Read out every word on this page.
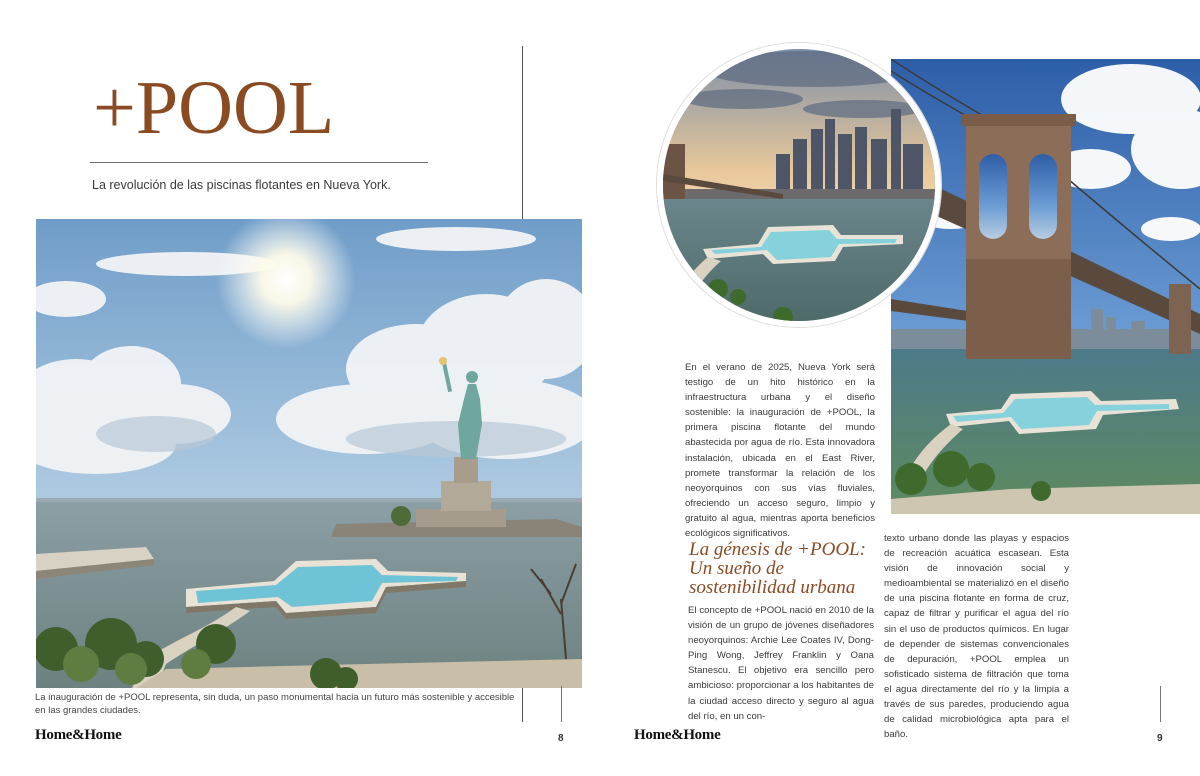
+POOL
La revolución de las piscinas flotantes en Nueva York.
La inauguración de +POOL representa, sin duda, un paso monumental hacia un futuro más sostenible y accesible en las grandes ciudades.
Home&Home	8
En el verano de 2025, Nueva York será testigo de un hito histórico en la infraestructura urbana y el diseño sostenible: la inauguración de +POOL, la primera piscina flotante del mundo abastecida por agua de río. Esta innovadora instalación, ubicada en el East River, promete transformar la relación de los neoyorquinos con sus vías fluviales, ofreciendo un acceso seguro, limpio y gratuito al agua, mientras aporta beneficios ecológicos significativos.
La génesis de +POOL: Un sueño de sostenibilidad urbana
El concepto de +POOL nació en 2010 de la visión de un grupo de jóvenes diseñadores neoyorquinos: Archie Lee Coates IV, Dong-Ping Wong, Jeffrey Franklin y Oana Stanescu. El objetivo era sencillo pero ambicioso: proporcionar a los habitantes de la ciudad acceso directo y seguro al agua del río, en un con-
texto urbano donde las playas y espacios de recreación acuática escasean. Esta visión de innovación social y medioambiental se materializó en el diseño de una piscina flotante en forma de cruz, capaz de filtrar y purificar el agua del río sin el uso de productos químicos. En lugar de depender de sistemas convencionales de depuración, +POOL emplea un sofisticado sistema de filtración que toma el agua directamente del río y la limpia a través de sus paredes, produciendo agua de calidad microbiológica apta para el baño.
Home&Home	9
